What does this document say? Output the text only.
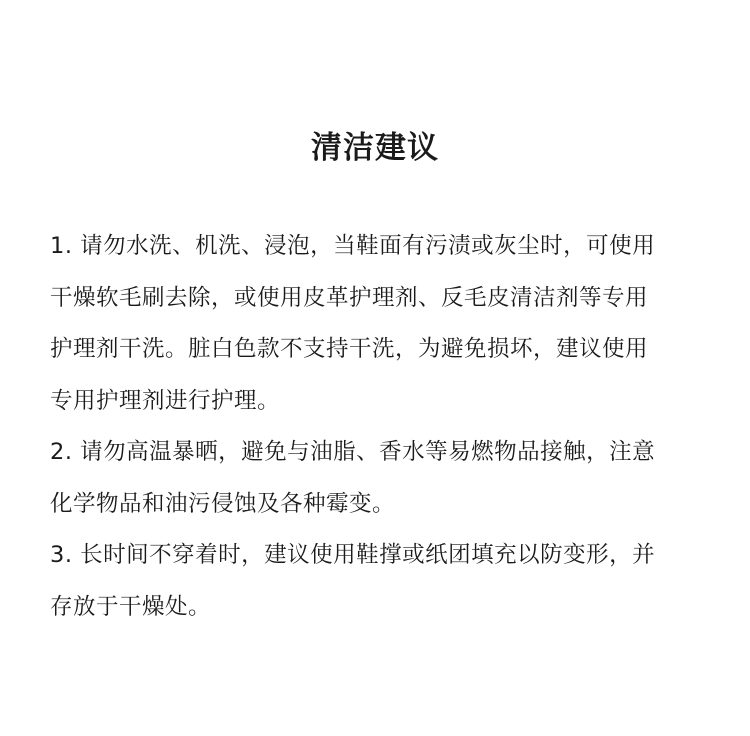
清洁建议
1. 请勿水洗、机洗、浸泡，当鞋面有污渍或灰尘时，可使用
干燥软毛刷去除，或使用皮革护理剂、反毛皮清洁剂等专用
护理剂干洗。脏白色款不支持干洗，为避免损坏，建议使用
专用护理剂进行护理。
2. 请勿高温暴晒，避免与油脂、香水等易燃物品接触，注意
化学物品和油污侵蚀及各种霉变。
3. 长时间不穿着时，建议使用鞋撑或纸团填充以防变形，并
存放于干燥处。
